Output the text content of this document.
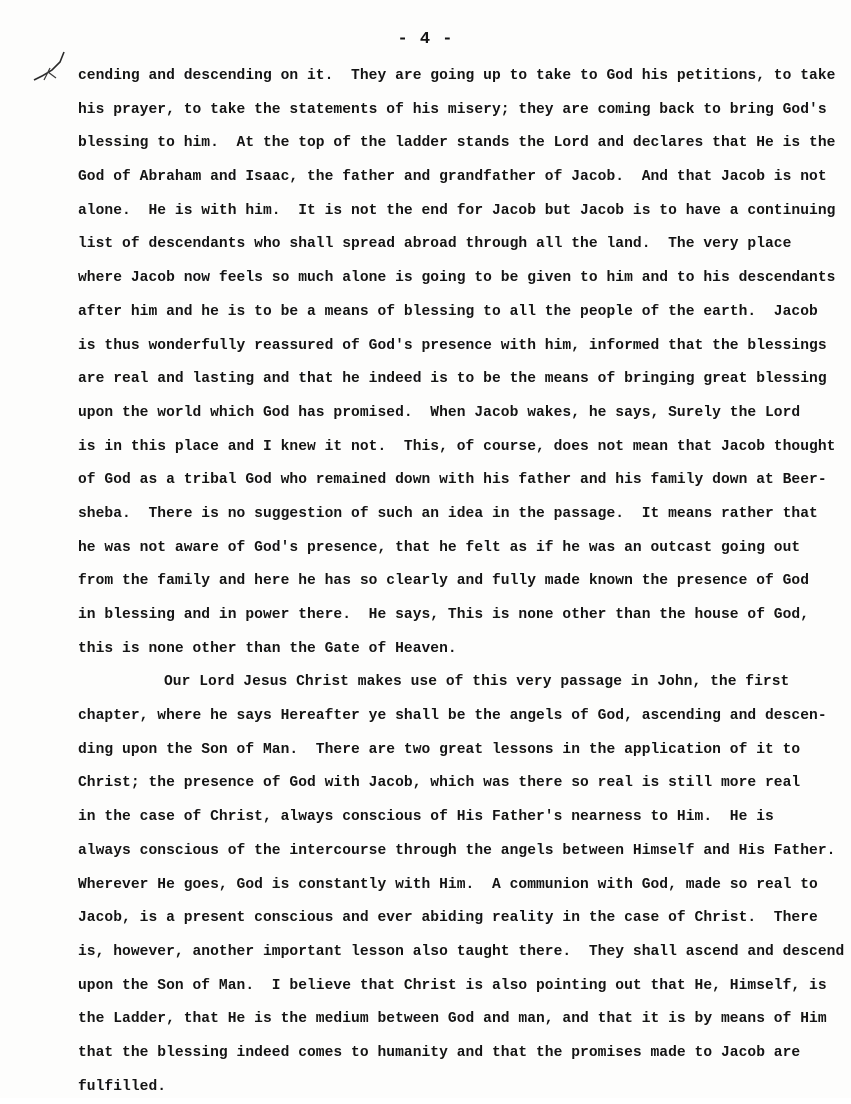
- 4 -
cending and descending on it.  They are going up to take to God his petitions, to take
his prayer, to take the statements of his misery; they are coming back to bring God's
blessing to him.  At the top of the ladder stands the Lord and declares that He is the
God of Abraham and Isaac, the father and grandfather of Jacob.  And that Jacob is not
alone.  He is with him.  It is not the end for Jacob but Jacob is to have a continuing
list of descendants who shall spread abroad through all the land.  The very place
where Jacob now feels so much alone is going to be given to him and to his descendants
after him and he is to be a means of blessing to all the people of the earth.  Jacob
is thus wonderfully reassured of God's presence with him, informed that the blessings
are real and lasting and that he indeed is to be the means of bringing great blessing
upon the world which God has promised.  When Jacob wakes, he says, Surely the Lord
is in this place and I knew it not.  This, of course, does not mean that Jacob thought
of God as a tribal God who remained down with his father and his family down at Beer-
sheba.  There is no suggestion of such an idea in the passage.  It means rather that
he was not aware of God's presence, that he felt as if he was an outcast going out
from the family and here he has so clearly and fully made known the presence of God
in blessing and in power there.  He says, This is none other than the house of God,
this is none other than the Gate of Heaven.
Our Lord Jesus Christ makes use of this very passage in John, the first
chapter, where he says Hereafter ye shall be the angels of God, ascending and descen-
ding upon the Son of Man.  There are two great lessons in the application of it to
Christ; the presence of God with Jacob, which was there so real is still more real
in the case of Christ, always conscious of His Father's nearness to Him.  He is
always conscious of the intercourse through the angels between Himself and His Father.
Wherever He goes, God is constantly with Him.  A communion with God, made so real to
Jacob, is a present conscious and ever abiding reality in the case of Christ.  There
is, however, another important lesson also taught there.  They shall ascend and descend
upon the Son of Man.  I believe that Christ is also pointing out that He, Himself, is
the Ladder, that He is the medium between God and man, and that it is by means of Him
that the blessing indeed comes to humanity and that the promises made to Jacob are
fulfilled.
